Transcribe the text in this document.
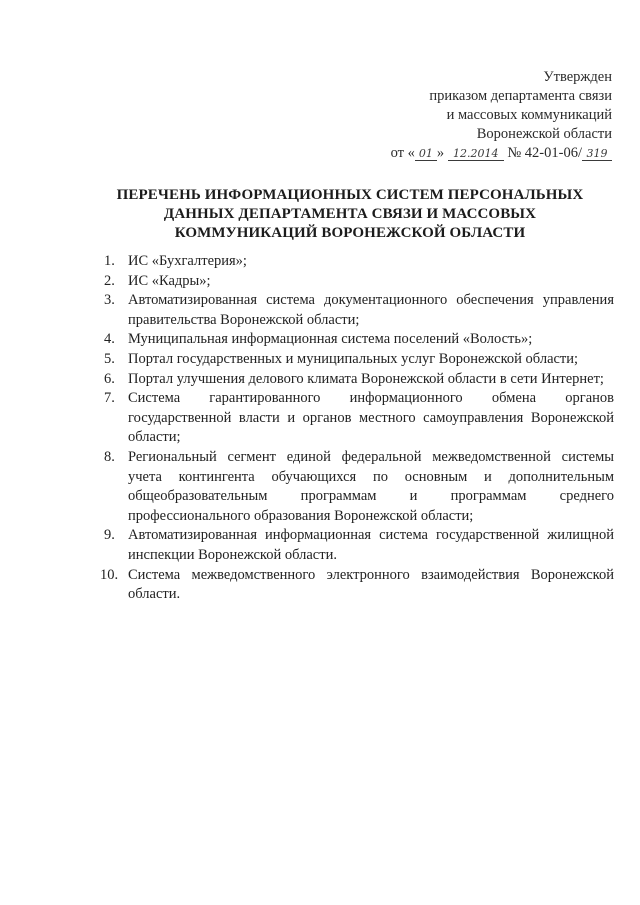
Утвержден
приказом департамента связи
и массовых коммуникаций
Воронежской области
от « 01 » 12.2014 № 42-01-06/ 319
ПЕРЕЧЕНЬ ИНФОРМАЦИОННЫХ СИСТЕМ ПЕРСОНАЛЬНЫХ
ДАННЫХ ДЕПАРТАМЕНТА СВЯЗИ И МАССОВЫХ
КОММУНИКАЦИЙ ВОРОНЕЖСКОЙ ОБЛАСТИ
1. ИС «Бухгалтерия»;
2. ИС «Кадры»;
3. Автоматизированная система документационного обеспечения управления правительства Воронежской области;
4. Муниципальная информационная система поселений «Волость»;
5. Портал государственных и муниципальных услуг Воронежской области;
6. Портал улучшения делового климата Воронежской области в сети Интернет;
7. Система гарантированного информационного обмена органов государственной власти и органов местного самоуправления Воронежской области;
8. Региональный сегмент единой федеральной межведомственной системы учета контингента обучающихся по основным и дополнительным общеобразовательным программам и программам среднего профессионального образования Воронежской области;
9. Автоматизированная информационная система государственной жилищной инспекции Воронежской области.
10. Система межведомственного электронного взаимодействия Воронежской области.
